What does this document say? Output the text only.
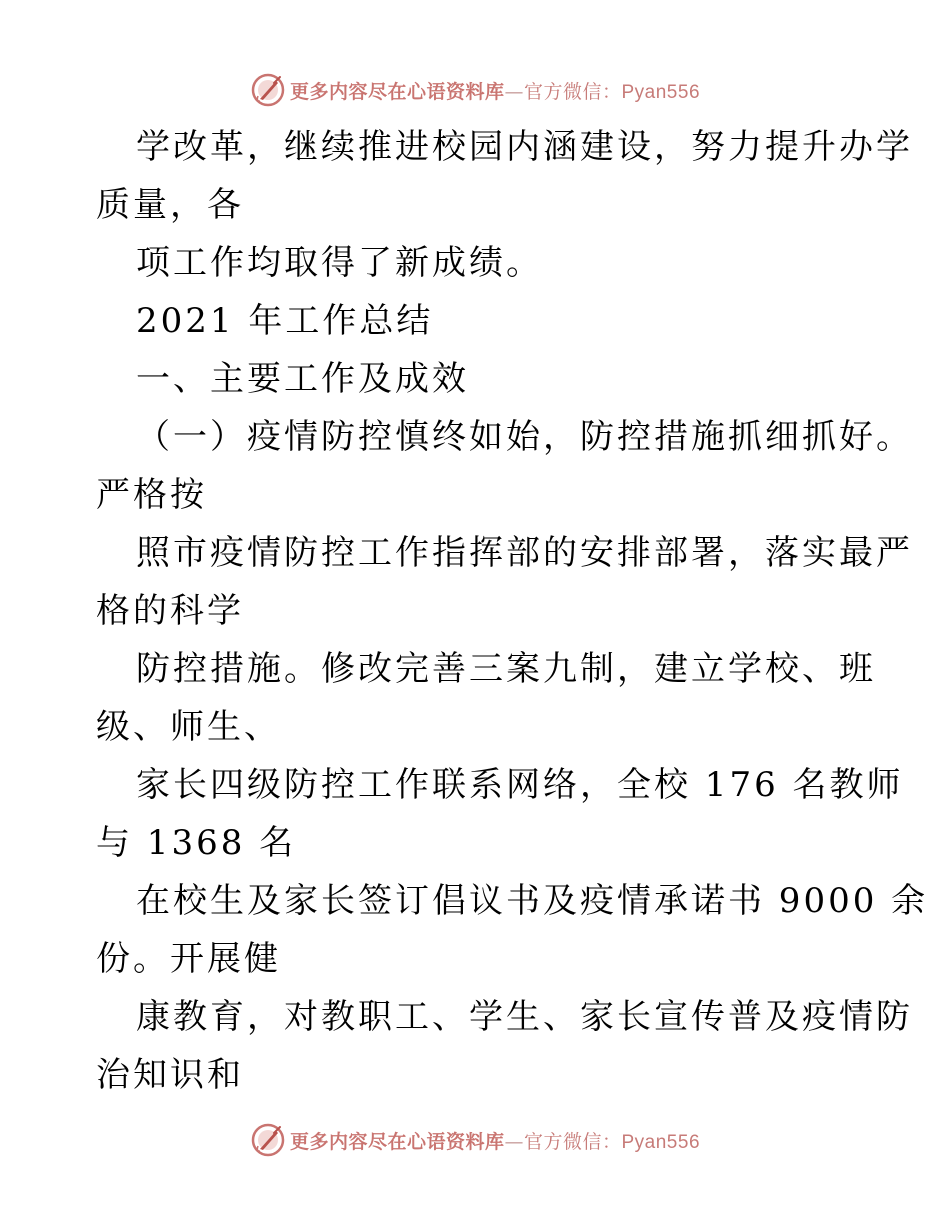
更多内容尽在心语资料库—官方微信：Pyan556
学改革，继续推进校园内涵建设，努力提升办学
质量，各
项工作均取得了新成绩。
2021 年工作总结
一、主要工作及成效
（一）疫情防控慎终如始，防控措施抓细抓好。
严格按
照市疫情防控工作指挥部的安排部署，落实最严
格的科学
防控措施。修改完善三案九制，建立学校、班
级、师生、
家长四级防控工作联系网络，全校 176 名教师
与 1368 名
在校生及家长签订倡议书及疫情承诺书 9000 余
份。开展健
康教育，对教职工、学生、家长宣传普及疫情防
治知识和
更多内容尽在心语资料库—官方微信：Pyan556
